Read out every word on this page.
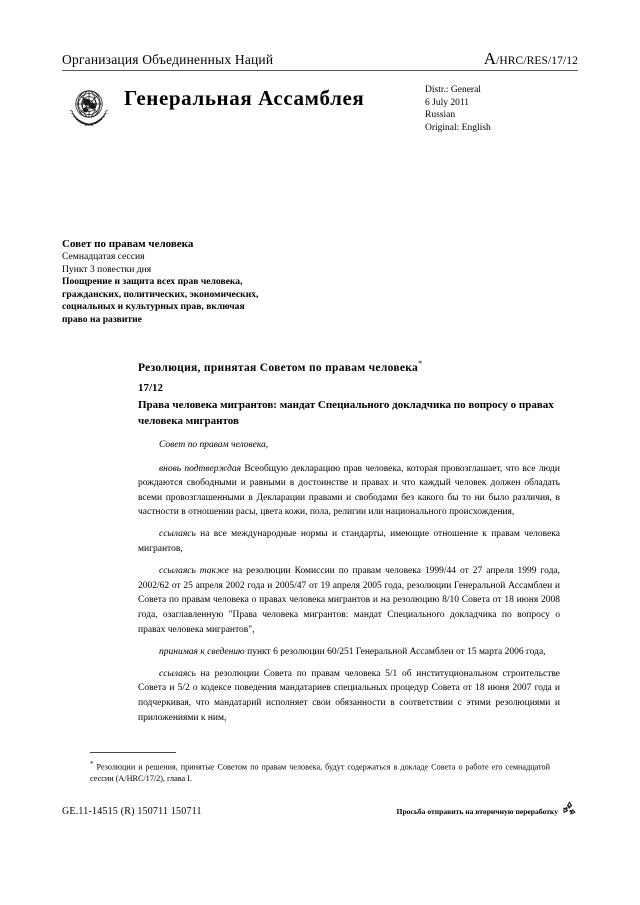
Организация Объединенных Наций	A/HRC/RES/17/12
Генеральная Ассамблея	Distr.: General
6 July 2011
Russian
Original: English
Совет по правам человека
Семнадцатая сессия
Пункт 3 повестки дня
Поощрение и защита всех прав человека,
гражданских, политических, экономических,
социальных и культурных прав, включая
право на развитие
Резолюция, принятая Советом по правам человека*
17/12
Права человека мигрантов: мандат Специального докладчика по вопросу о правах человека мигрантов

Совет по правам человека,

вновь подтверждая Всеобщую декларацию прав человека, которая провозглашает, что все люди рождаются свободными и равными в достоинстве и правах и что каждый человек должен обладать всеми провозглашенными в Декларации правами и свободами без какого бы то ни было различия, в частности в отношении расы, цвета кожи, пола, религии или национального происхождения,

ссылаясь на все международные нормы и стандарты, имеющие отношение к правам человека мигрантов,

ссылаясь также на резолюции Комиссии по правам человека 1999/44 от 27 апреля 1999 года, 2002/62 от 25 апреля 2002 года и 2005/47 от 19 апреля 2005 года, резолюции Генеральной Ассамблеи и Совета по правам человека о правах человека мигрантов и на резолюцию 8/10 Совета от 18 июня 2008 года, озаглавленную "Права человека мигрантов: мандат Специального докладчика по вопросу о правах человека мигрантов",

принимая к сведению пункт 6 резолюции 60/251 Генеральной Ассамблеи от 15 марта 2006 года,

ссылаясь на резолюции Совета по правам человека 5/1 об институциональном строительстве Совета и 5/2 о кодексе поведения мандатариев специальных процедур Совета от 18 июня 2007 года и подчеркивая, что мандатарий исполняет свои обязанности в соответствии с этими резолюциями и приложениями к ним,

* Резолюции и решения, принятые Советом по правам человека, будут содержаться в докладе Совета о работе его семнадцатой сессии (A/HRC/17/2), глава I.
GE.11-14515 (R) 150711 150711	Просьба отправить на вторичную переработку
